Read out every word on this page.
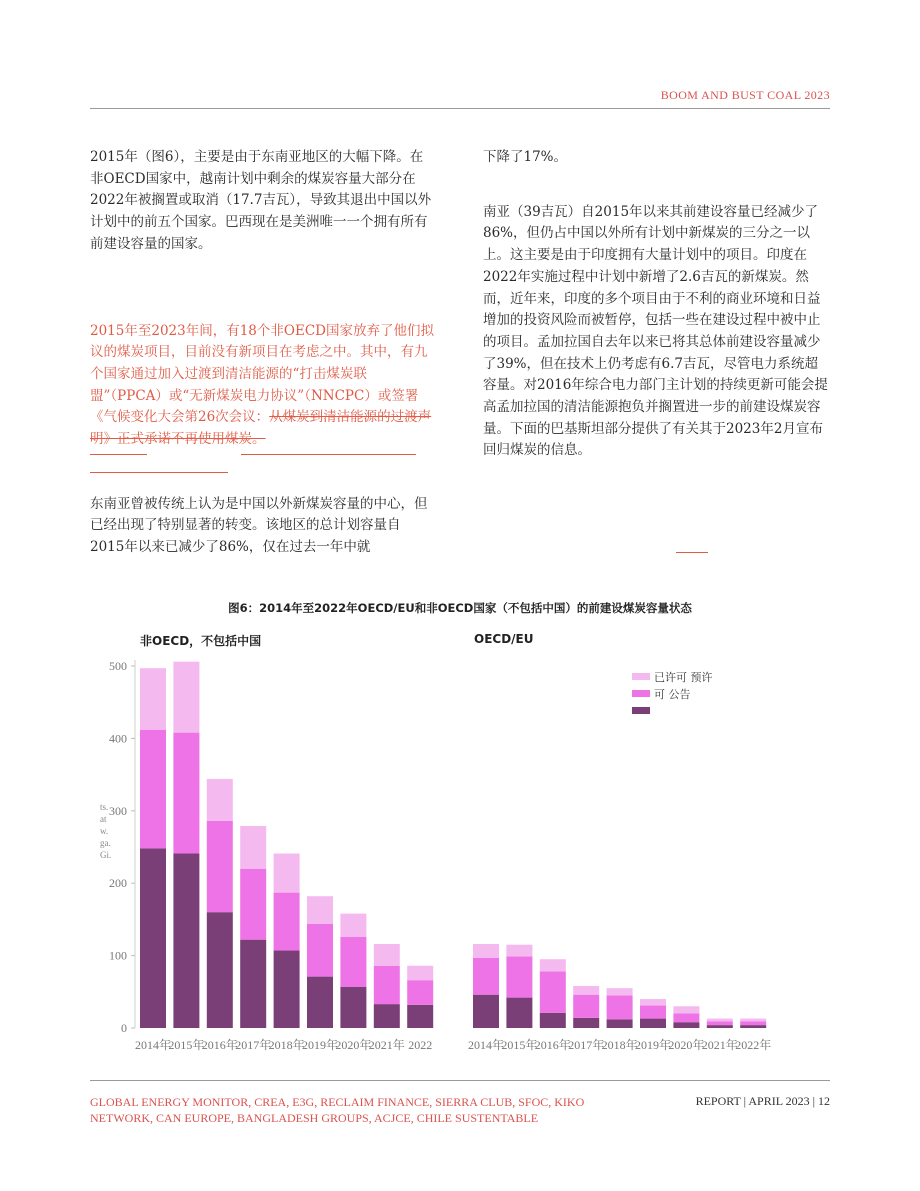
BOOM AND BUST COAL 2023

2015年（图6），主要是由于东南亚地区的大幅下降。在非OECD国家中，越南计划中剩余的煤炭容量大部分在2022年被搁置或取消（17.7吉瓦），导致其退出中国以外计划中的前五个国家。巴西现在是美洲唯一一个拥有所有前建设容量的国家。

2015年至2023年间，有18个非OECD国家放弃了他们拟议的煤炭项目，目前没有新项目在考虑之中。其中，有九个国家通过加入过渡到清洁能源的“打击煤炭联盟”（PPCA）或“无新煤炭电力协议”（NNCPC）或签署《气候变化大会第26次会议：从煤炭到清洁能源的过渡声明》正式承诺不再使用煤炭。

东南亚曾被传统上认为是中国以外新煤炭容量的中心，但已经出现了特别显著的转变。该地区的总计划容量自2015年以来已减少了86%，仅在过去一年中就

下降了17%。

南亚（39吉瓦）自2015年以来其前建设容量已经减少了86%，但仍占中国以外所有计划中新煤炭的三分之一以上。这主要是由于印度拥有大量计划中的项目。印度在2022年实施过程中计划中新增了2.6吉瓦的新煤炭。然而，近年来，印度的多个项目由于不利的商业环境和日益增加的投资风险而被暂停，包括一些在建设过程中被中止的项目。孟加拉国自去年以来已将其总体前建设容量减少了39%，但在技术上仍考虑有6.7吉瓦，尽管电力系统超容量。对2016年综合电力部门主计划的持续更新可能会提高孟加拉国的清洁能源抱负并搁置进一步的前建设煤炭容量。下面的巴基斯坦部分提供了有关其于2023年2月宣布回归煤炭的信息。

图6：2014年至2022年OECD/EU和非OECD国家（不包括中国）的前建设煤炭容量状态
非OECD，不包括中国	OECD/EU
0
100
200
300
400
500
ts.
at
w.
ga.
Gi.
2014年
2015年
2016年
2017年
2018年
2019年
2020年
2021年 2022	2014年
2015年
2016年
2017年
2018年
2019年
2020年
2021年
2022年
已许可 预许
可 公告
GLOBAL ENERGY MONITOR, CREA, E3G, RECLAIM FINANCE, SIERRA CLUB, SFOC, KIKO NETWORK, CAN EUROPE, BANGLADESH GROUPS, ACJCE, CHILE SUSTENTABLE
REPORT | APRIL 2023 | 12
